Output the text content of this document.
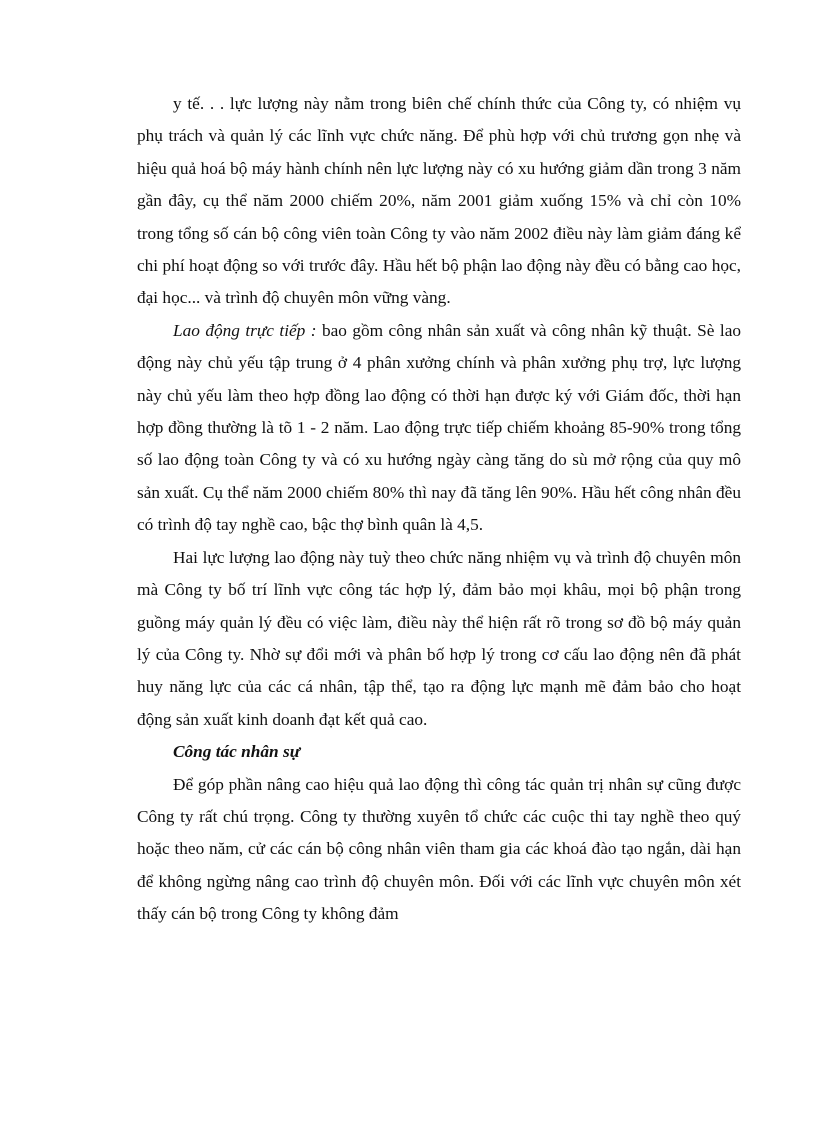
y tế. . . lực lượng này nằm trong biên chế chính thức của Công ty, có nhiệm vụ phụ trách và quản lý các lĩnh vực chức năng. Để phù hợp với chủ trương gọn nhẹ và hiệu quả hoá bộ máy hành chính nên lực lượng này có xu hướng giảm dần trong 3 năm gần đây, cụ thể năm 2000 chiếm 20%, năm 2001 giảm xuống 15% và chỉ còn 10% trong tổng số cán bộ công viên toàn Công ty vào năm 2002 điều này làm giảm đáng kể chi phí hoạt động so với trước đây. Hầu hết bộ phận lao động này đều có bằng cao học, đại học... và trình độ chuyên môn vững vàng.

Lao động trực tiếp : bao gồm công nhân sản xuất và công nhân kỹ thuật. Sè lao động này chủ yếu tập trung ở 4 phân xưởng chính và phân xưởng phụ trợ, lực lượng này chủ yếu làm theo hợp đồng lao động có thời hạn được ký với Giám đốc, thời hạn hợp đồng thường là tõ 1 - 2 năm. Lao động trực tiếp chiếm khoảng 85-90% trong tổng số lao động toàn Công ty và có xu hướng ngày càng tăng do sù mở rộng của quy mô sản xuất. Cụ thể năm 2000 chiếm 80% thì nay đã tăng lên 90%. Hầu hết công nhân đều có trình độ tay nghề cao, bậc thợ bình quân là 4,5.

Hai lực lượng lao động này tuỳ theo chức năng nhiệm vụ và trình độ chuyên môn mà Công ty bố trí lĩnh vực công tác hợp lý, đảm bảo mọi khâu, mọi bộ phận trong guồng máy quản lý đều có việc làm, điều này thể hiện rất rõ trong sơ đồ bộ máy quản lý của Công ty. Nhờ sự đổi mới và phân bố hợp lý trong cơ cấu lao động nên đã phát huy năng lực của các cá nhân, tập thể, tạo ra động lực mạnh mẽ đảm bảo cho hoạt động sản xuất kinh doanh đạt kết quả cao.

Công tác nhân sự

Để góp phần nâng cao hiệu quả lao động thì công tác quản trị nhân sự cũng được Công ty rất chú trọng. Công ty thường xuyên tổ chức các cuộc thi tay nghề theo quý hoặc theo năm, cử các cán bộ công nhân viên tham gia các khoá đào tạo ngắn, dài hạn để không ngừng nâng cao trình độ chuyên môn. Đối với các lĩnh vực chuyên môn xét thấy cán bộ trong Công ty không đảm
